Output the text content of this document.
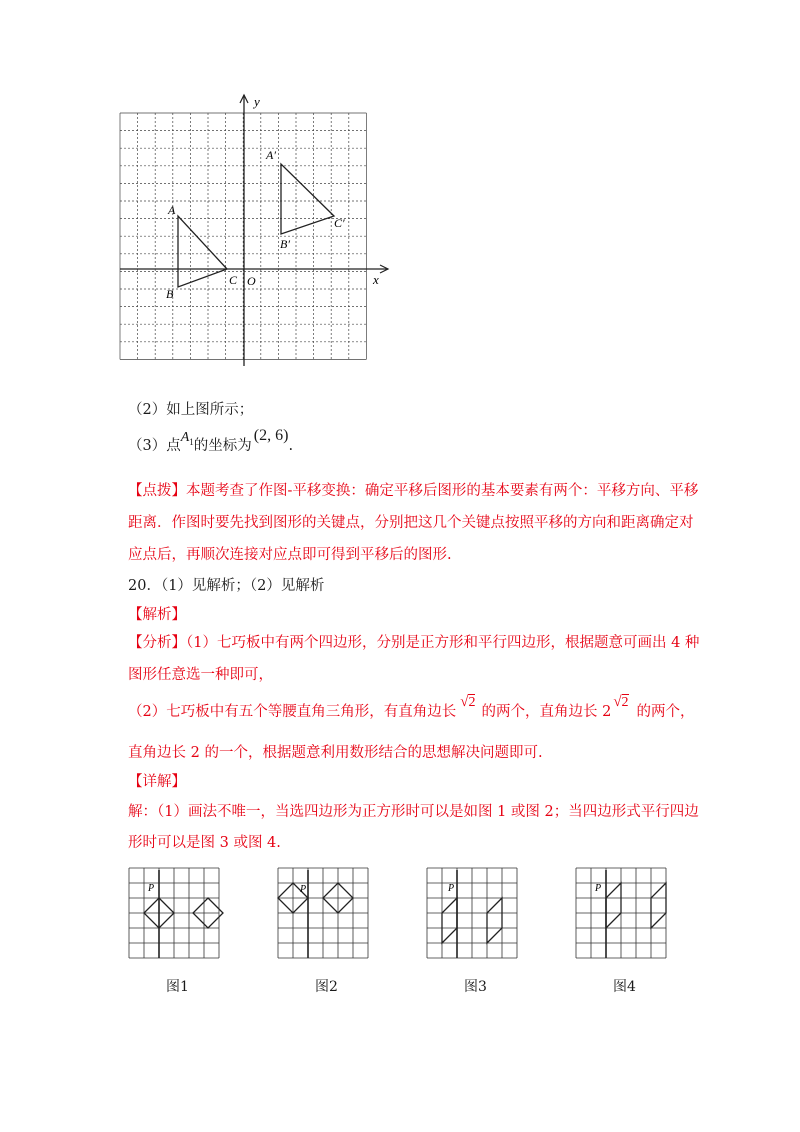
x
y
O
A
B
C
A′
B′
C′
（2）如上图所示；
（3）点$A^1$的坐标为(2, 6).
【点拨】本题考查了作图-平移变换：确定平移后图形的基本要素有两个：平移方向、平移
距离．作图时要先找到图形的关键点，分别把这几个关键点按照平移的方向和距离确定对
应点后，再顺次连接对应点即可得到平移后的图形.
20．（1）见解析；（2）见解析
【解析】
【分析】（1）七巧板中有两个四边形，分别是正方形和平行四边形，根据题意可画出 4 种
图形任意选一种即可，
（2）七巧板中有五个等腰直角三角形，有直角边长√2的两个，直角边长 2√2的两个，
直角边长 2 的一个，根据题意利用数形结合的思想解决问题即可.
【详解】
解：（1）画法不唯一，当选四边形为正方形时可以是如图 1 或图 2；当四边形式平行四边
形时可以是图 3 或图 4.
P	P	P	P
图1	图2	图3	图4
